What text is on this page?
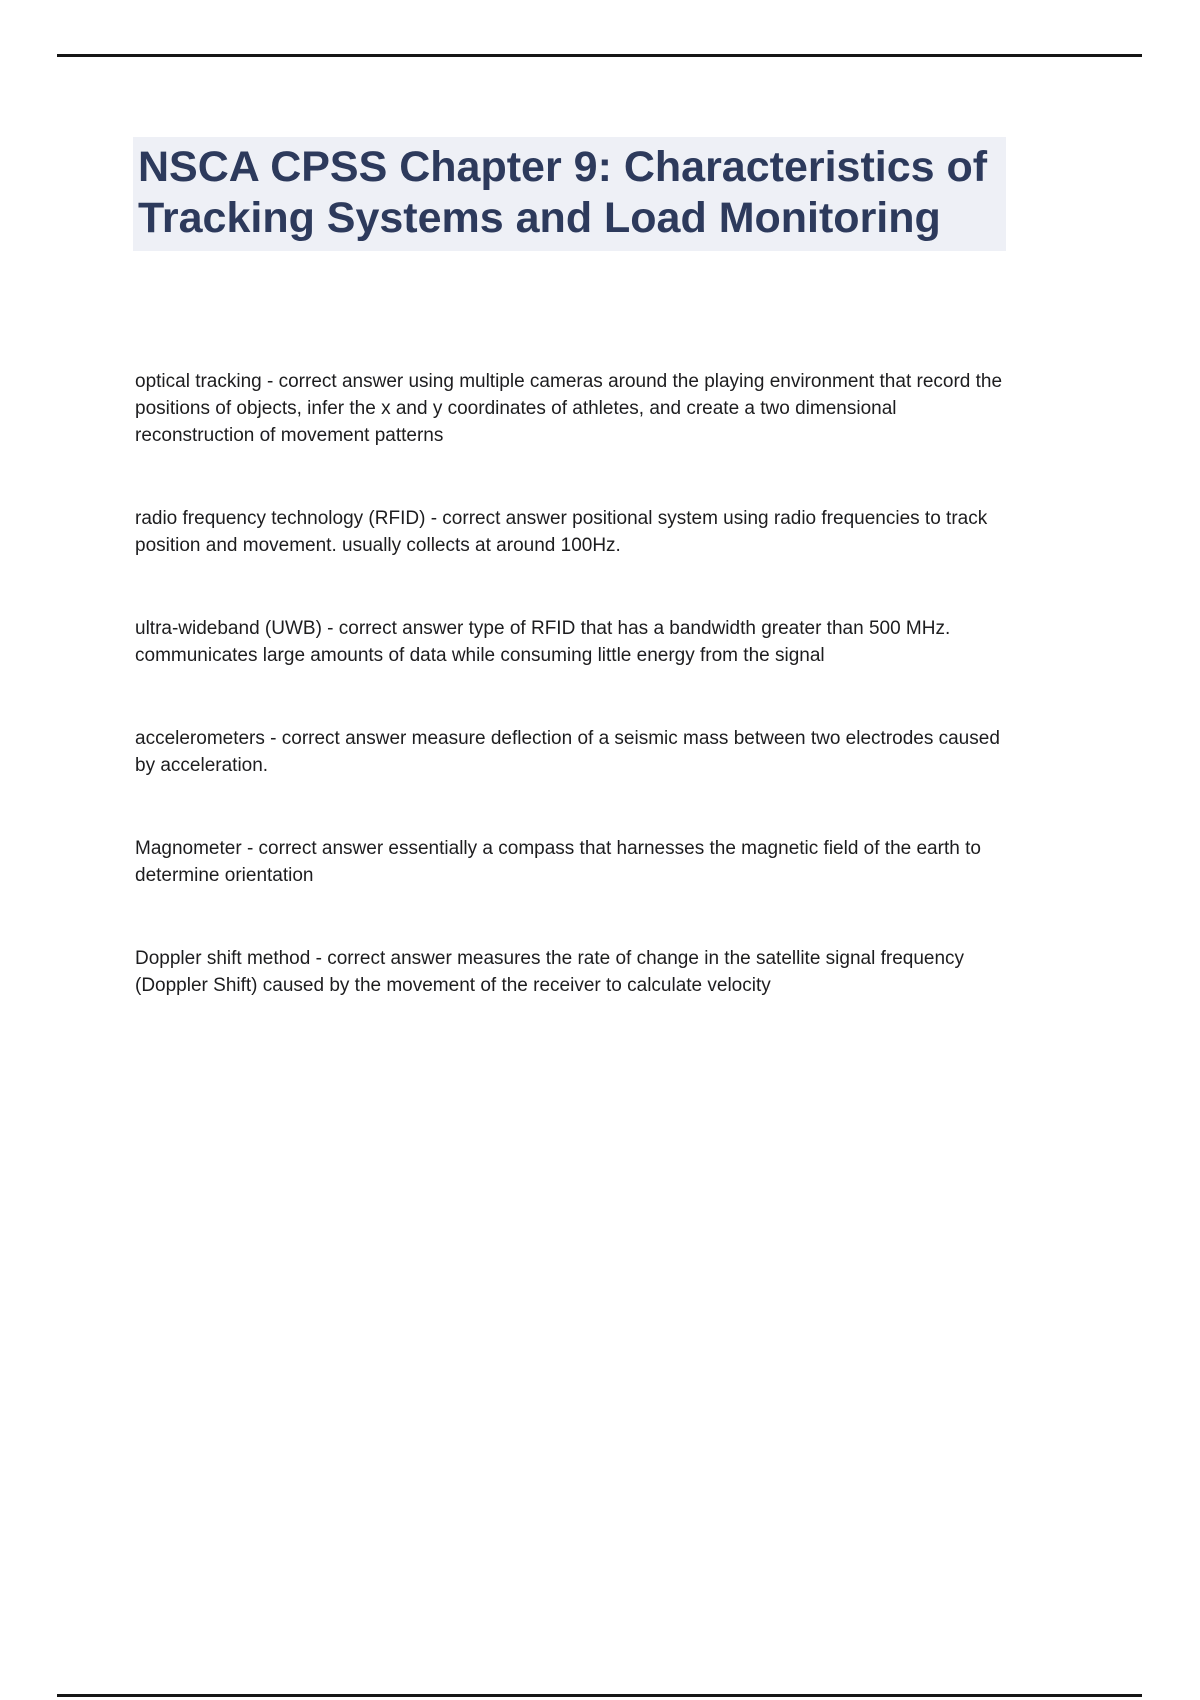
NSCA CPSS Chapter 9: Characteristics of Tracking Systems and Load Monitoring

optical tracking - correct answer using multiple cameras around the playing environment that record the positions of objects, infer the x and y coordinates of athletes, and create a two dimensional reconstruction of movement patterns

radio frequency technology (RFID) - correct answer positional system using radio frequencies to track position and movement. usually collects at around 100Hz.

ultra-wideband (UWB) - correct answer type of RFID that has a bandwidth greater than 500 MHz. communicates large amounts of data while consuming little energy from the signal

accelerometers - correct answer measure deflection of a seismic mass between two electrodes caused by acceleration.

Magnometer - correct answer essentially a compass that harnesses the magnetic field of the earth to determine orientation

Doppler shift method - correct answer measures the rate of change in the satellite signal frequency (Doppler Shift) caused by the movement of the receiver to calculate velocity
